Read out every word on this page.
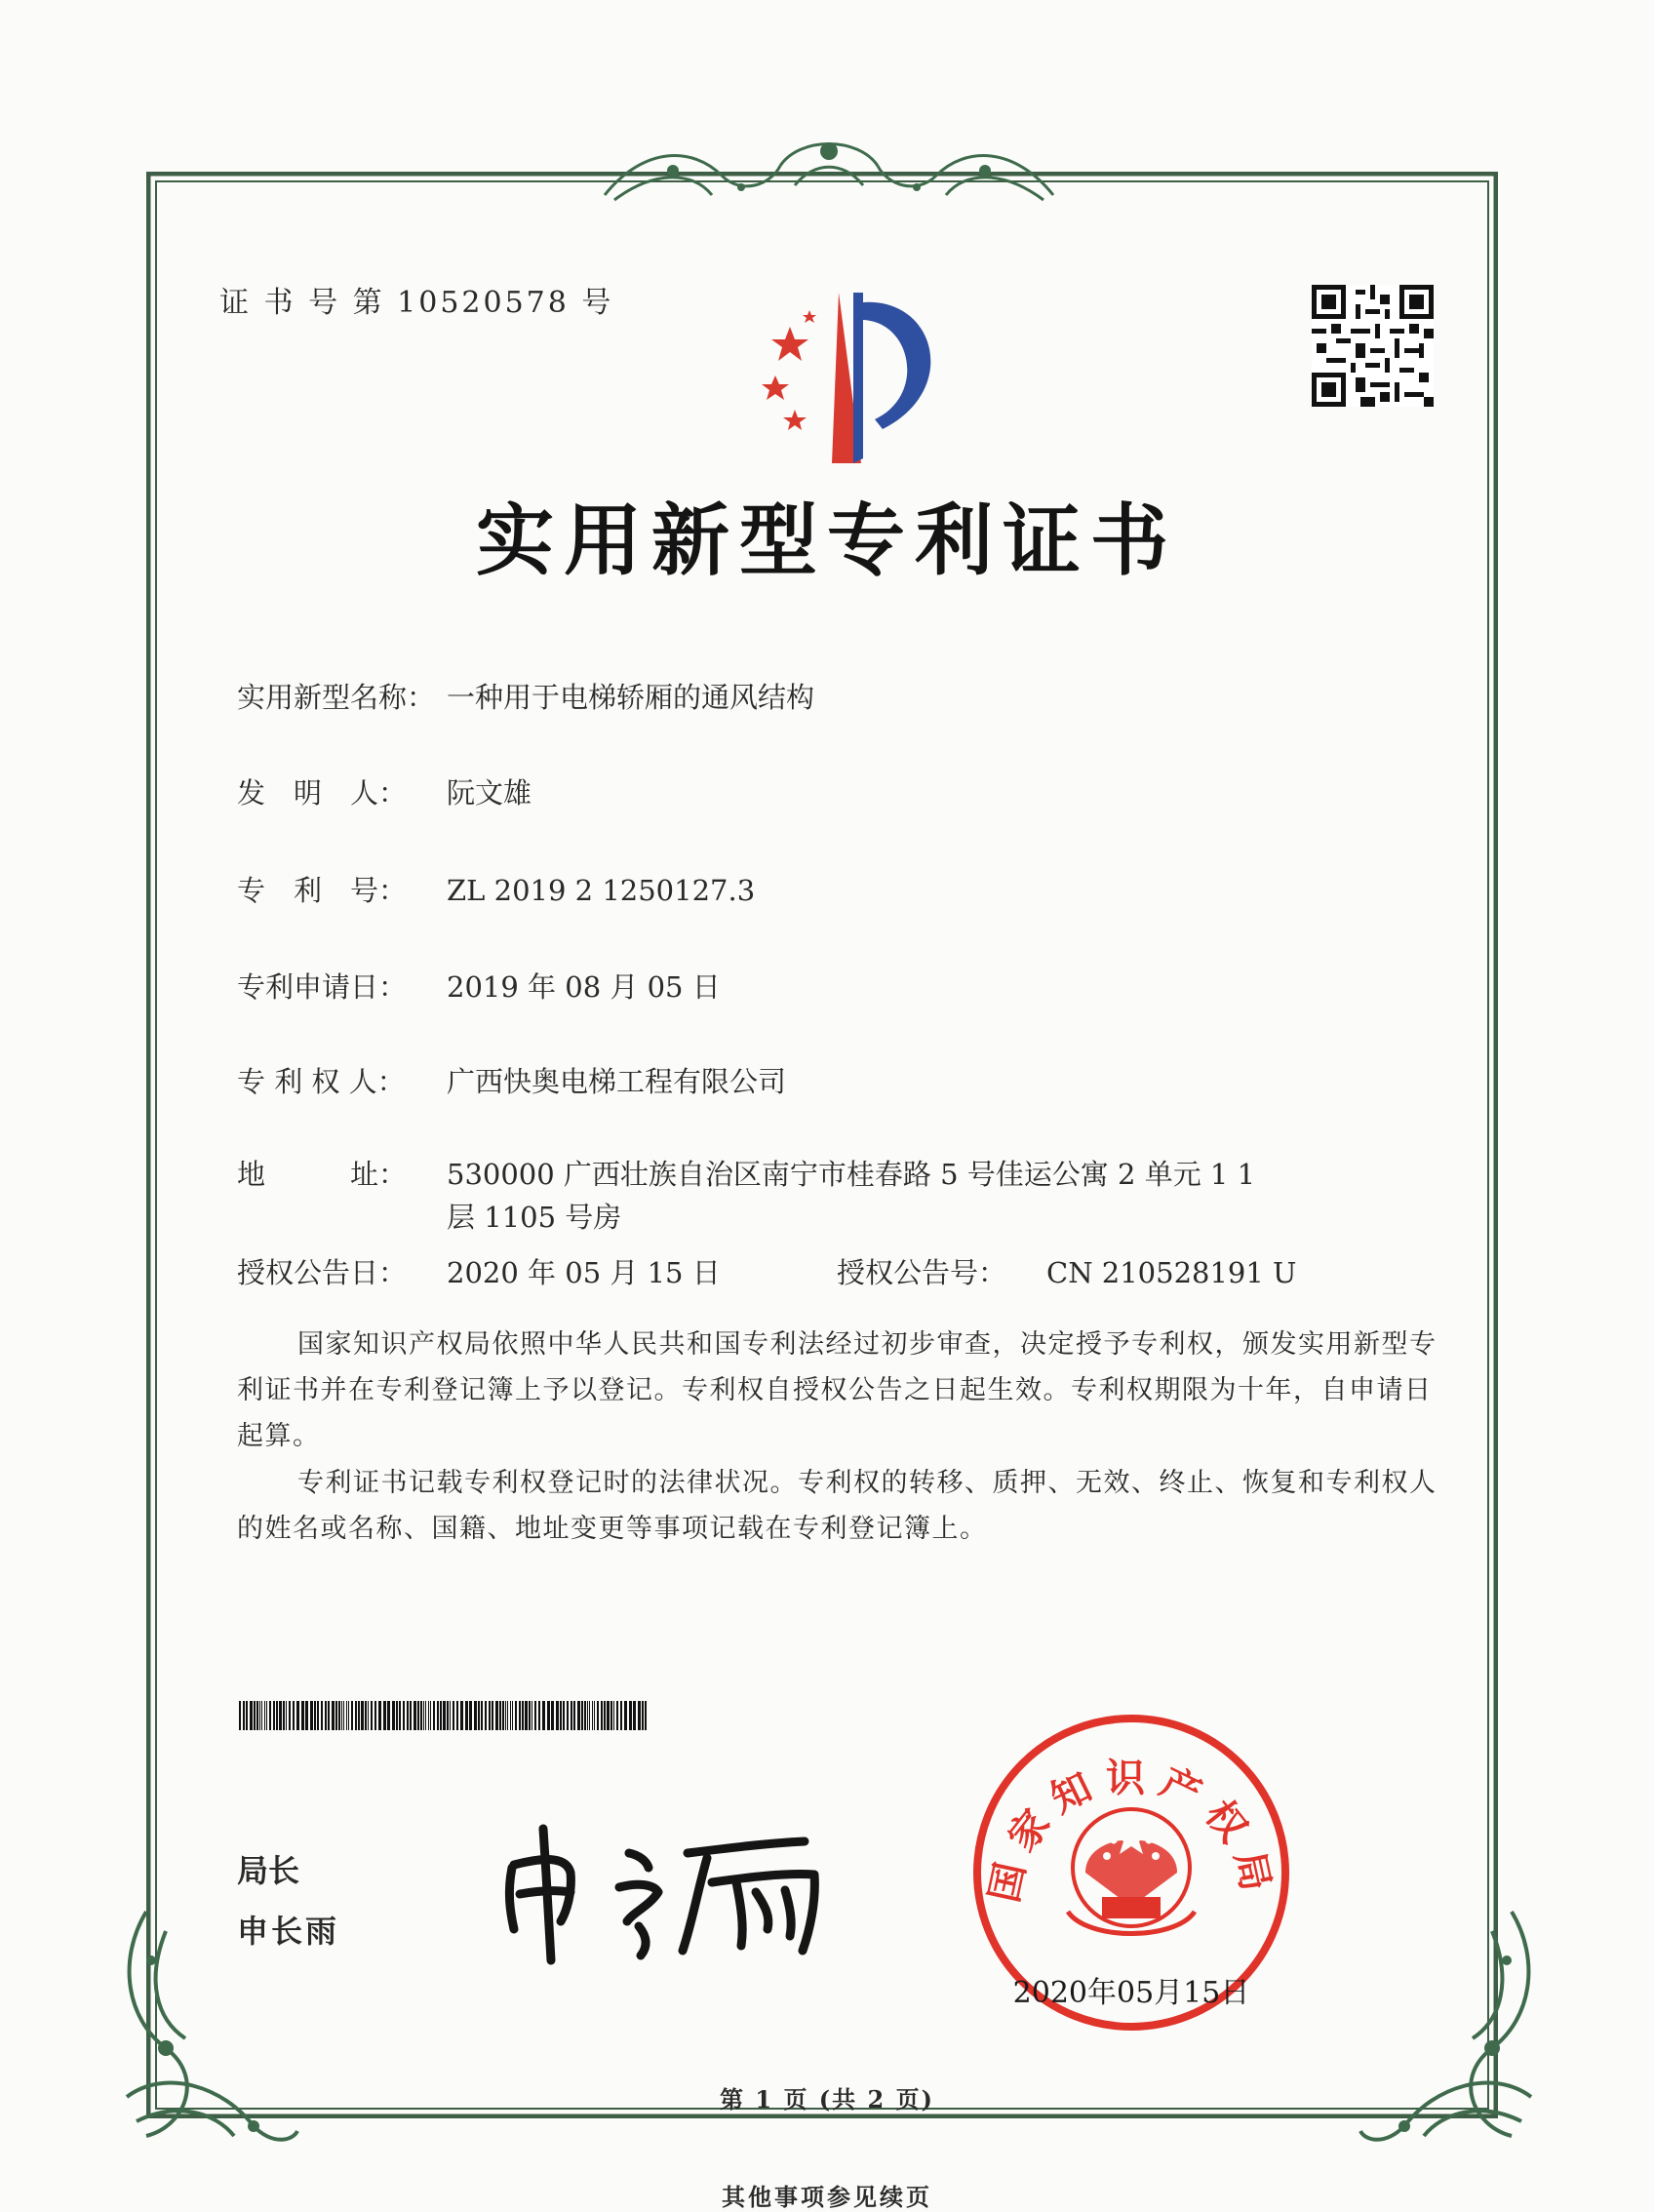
证 书 号 第 10520578 号
实用新型专利证书
实用新型名称： 一种用于电梯轿厢的通风结构
发　明　人： 阮文雄
专　利　号： ZL 2019 2 1250127.3
专利申请日： 2019 年 08 月 05 日
专 利 权 人： 广西快奥电梯工程有限公司
地　　　址： 530000 广西壮族自治区南宁市桂春路 5 号佳运公寓 2 单元 1 1 层 1105 号房
授权公告日： 2020 年 05 月 15 日	授权公告号： CN 210528191 U
国家知识产权局依照中华人民共和国专利法经过初步审查，决定授予专利权，颁发实用新型专利证书并在专利登记簿上予以登记。专利权自授权公告之日起生效。专利权期限为十年，自申请日起算。
专利证书记载专利权登记时的法律状况。专利权的转移、质押、无效、终止、恢复和专利权人的姓名或名称、国籍、地址变更等事项记载在专利登记簿上。
局长
申长雨
国家知识产权局
2020年05月15日
第 1 页 (共 2 页)
其他事项参见续页
